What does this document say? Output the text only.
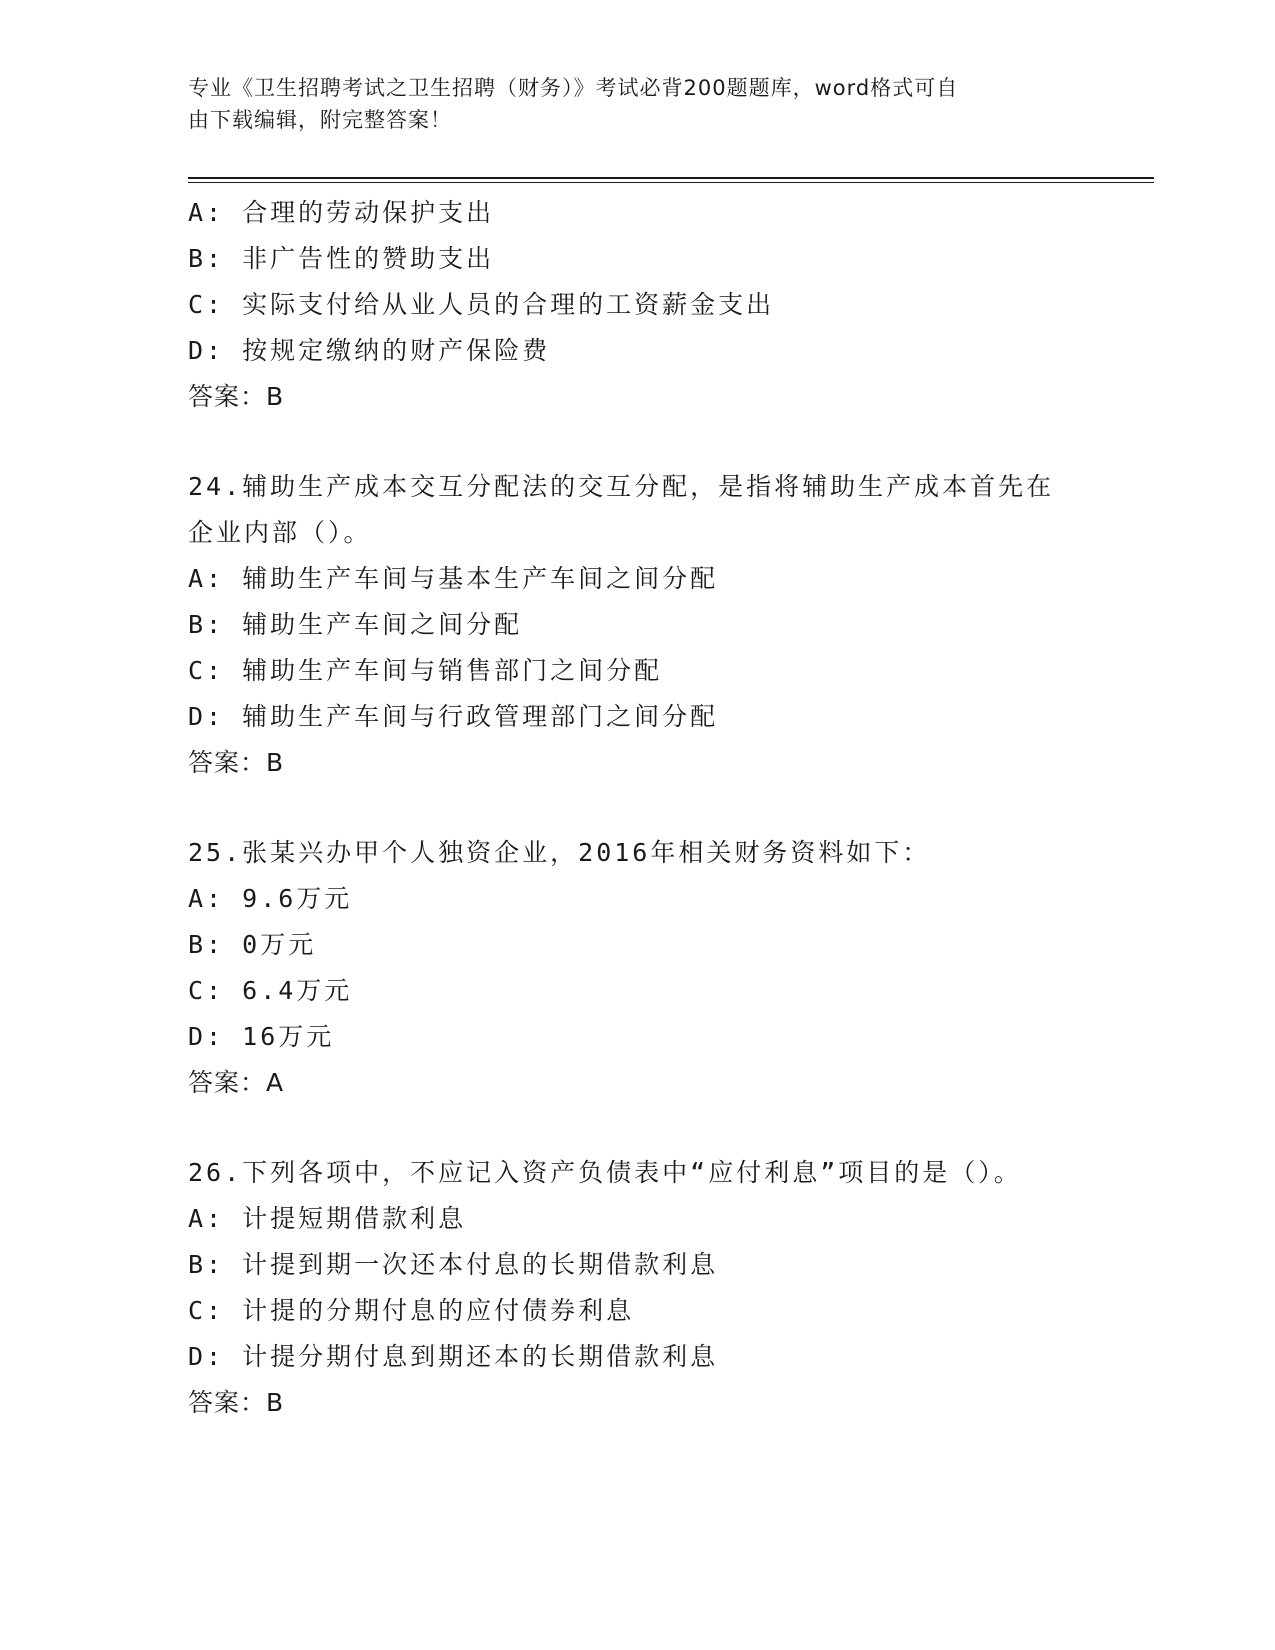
专业《卫生招聘考试之卫生招聘（财务）》考试必背200题题库，word格式可自
由下载编辑，附完整答案！
A: 合理的劳动保护支出
B: 非广告性的赞助支出
C: 实际支付给从业人员的合理的工资薪金支出
D: 按规定缴纳的财产保险费
答案：B
24.辅助生产成本交互分配法的交互分配，是指将辅助生产成本首先在
企业内部（）。
A: 辅助生产车间与基本生产车间之间分配
B: 辅助生产车间之间分配
C: 辅助生产车间与销售部门之间分配
D: 辅助生产车间与行政管理部门之间分配
答案：B
25.张某兴办甲个人独资企业，2016年相关财务资料如下：
A: 9.6万元
B: 0万元
C: 6.4万元
D: 16万元
答案：A
26.下列各项中，不应记入资产负债表中“应付利息”项目的是（）。
A: 计提短期借款利息
B: 计提到期一次还本付息的长期借款利息
C: 计提的分期付息的应付债券利息
D: 计提分期付息到期还本的长期借款利息
答案：B
